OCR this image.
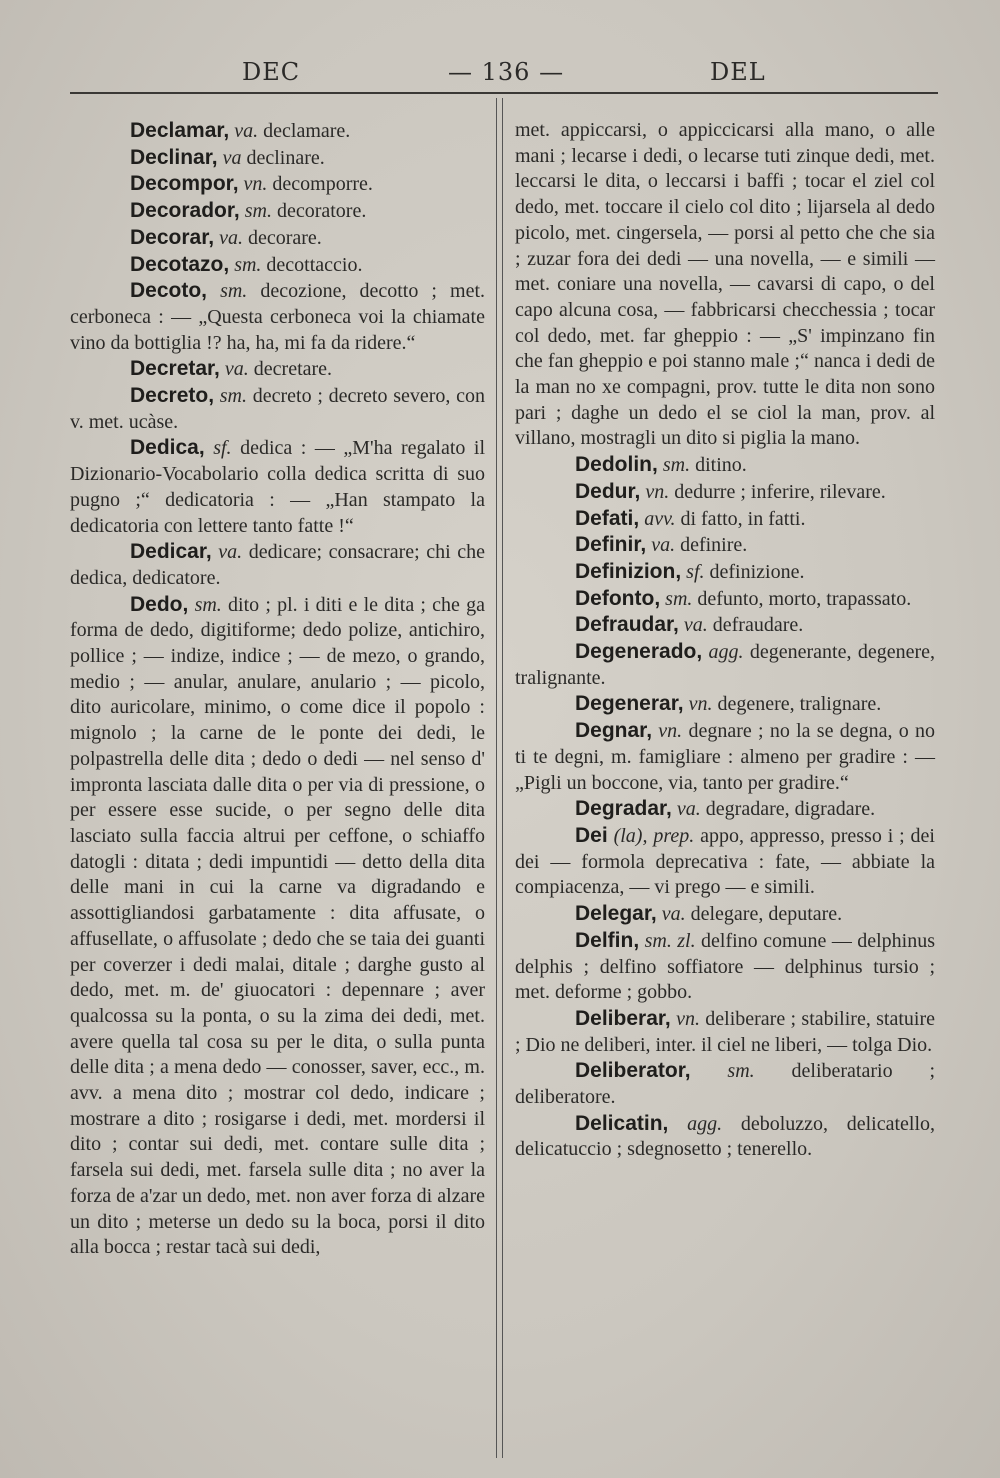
DEC	— 136 —	DEL

Declamar, va. declamare.

Declinar, va declinare.

Decompor, vn. decomporre.

Decorador, sm. decoratore.

Decorar, va. decorare.

Decotazo, sm. decottaccio.

Decoto, sm. decozione, decotto ; met. cerboneca : — „Questa cerboneca voi la chiamate vino da bottiglia !? ha, ha, mi fa da ridere.“

Decretar, va. decretare.

Decreto, sm. decreto ; decreto severo, con v. met. ucàse.

Dedica, sf. dedica : — „M'ha regalato il Dizionario-Vocabolario colla dedica scritta di suo pugno ;“ dedicatoria : — „Han stampato la dedicatoria con lettere tanto fatte !“

Dedicar, va. dedicare; consacrare; chi che dedica, dedicatore.

Dedo, sm. dito ; pl. i diti e le dita ; che ga forma de dedo, digitiforme; dedo polize, antichiro, pollice ; — indize, indice ; — de mezo, o grando, medio ; — anular, anulare, anulario ; — picolo, dito auricolare, minimo, o come dice il popolo : mignolo ; la carne de le ponte dei dedi, le polpastrella delle dita ; dedo o dedi — nel senso d' impronta lasciata dalle dita o per via di pressione, o per essere esse sucide, o per segno delle dita lasciato sulla faccia altrui per ceffone, o schiaffo datogli : ditata ; dedi impuntidi — detto della dita delle mani in cui la carne va digradando e assottigliandosi garbatamente : dita affusate, o affusellate, o affusolate ; dedo che se taia dei guanti per coverzer i dedi malai, ditale ; darghe gusto al dedo, met. m. de' giuocatori : depennare ; aver qualcossa su la ponta, o su la zima dei dedi, met. avere quella tal cosa su per le dita, o sulla punta delle dita ; a mena dedo — conosser, saver, ecc., m. avv. a mena dito ; mostrar col dedo, indicare ; mostrare a dito ; rosigarse i dedi, met. mordersi il dito ; contar sui dedi, met. contare sulle dita ; farsela sui dedi, met. farsela sulle dita ; no aver la forza de a'zar un dedo, met. non aver forza di alzare un dito ; meterse un dedo su la boca, porsi il dito alla bocca ; restar tacà sui dedi,

met. appiccarsi, o appiccicarsi alla mano, o alle mani ; lecarse i dedi, o lecarse tuti zinque dedi, met. leccarsi le dita, o leccarsi i baffi ; tocar el ziel col dedo, met. toccare il cielo col dito ; lijarsela al dedo picolo, met. cingersela, — porsi al petto che che sia ; zuzar fora dei dedi — una novella, — e simili — met. coniare una novella, — cavarsi di capo, o del capo alcuna cosa, — fabbricarsi checchessia ; tocar col dedo, met. far gheppio : — „S' impinzano fin che fan gheppio e poi stanno male ;“ nanca i dedi de la man no xe compagni, prov. tutte le dita non sono pari ; daghe un dedo el se ciol la man, prov. al villano, mostragli un dito si piglia la mano.

Dedolin, sm. ditino.

Dedur, vn. dedurre ; inferire, rilevare.

Defati, avv. di fatto, in fatti.

Definir, va. definire.

Definizion, sf. definizione.

Defonto, sm. defunto, morto, trapassato.

Defraudar, va. defraudare.

Degenerado, agg. degenerante, degenere, tralignante.

Degenerar, vn. degenere, tralignare.

Degnar, vn. degnare ; no la se degna, o no ti te degni, m. famigliare : almeno per gradire : — „Pigli un boccone, via, tanto per gradire.“

Degradar, va. degradare, digradare.

Dei (la), prep. appo, appresso, presso i ; dei dei — formola deprecativa : fate, — abbiate la compiacenza, — vi prego — e simili.

Delegar, va. delegare, deputare.

Delfin, sm. zl. delfino comune — delphinus delphis ; delfino soffiatore — delphinus tursio ; met. deforme ; gobbo.

Deliberar, vn. deliberare ; stabilire, statuire ; Dio ne deliberi, inter. il ciel ne liberi, — tolga Dio.

Deliberator, sm. deliberatario ; deliberatore.

Delicatin, agg. deboluzzo, delicatello, delicatuccio ; sdegnosetto ; tenerello.
